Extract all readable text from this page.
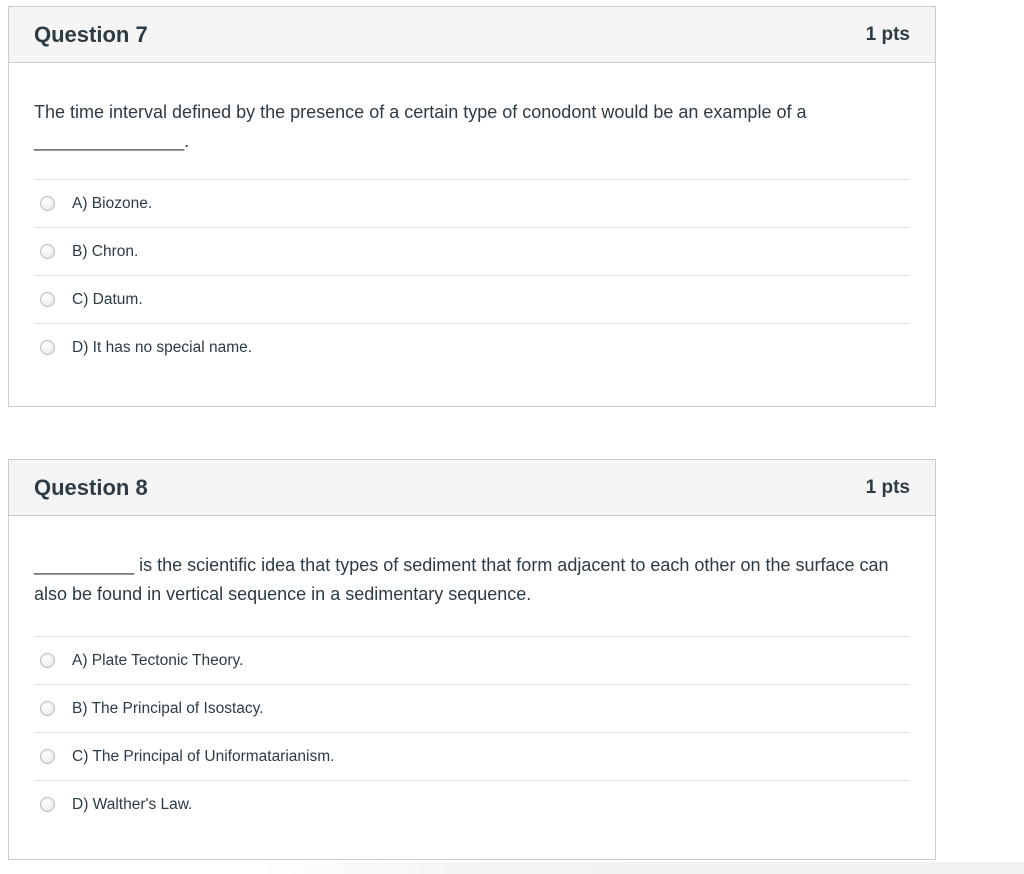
Question 7	1 pts

The time interval defined by the presence of a certain type of conodont would be an example of a _______________.

A) Biozone.
B) Chron.
C) Datum.
D) It has no special name.
Question 8	1 pts

__________ is the scientific idea that types of sediment that form adjacent to each other on the surface can also be found in vertical sequence in a sedimentary sequence.

A) Plate Tectonic Theory.
B) The Principal of Isostacy.
C) The Principal of Uniformatarianism.
D) Walther's Law.
